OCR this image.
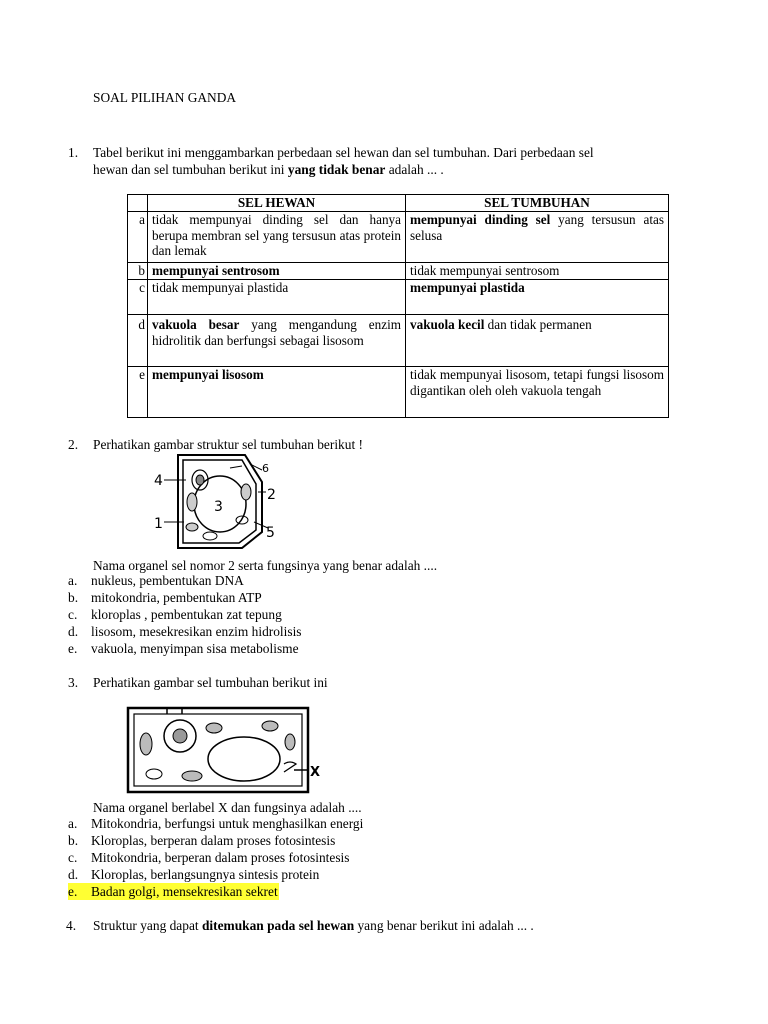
SOAL PILIHAN GANDA
1. Tabel berikut ini menggambarkan perbedaan sel hewan dan sel tumbuhan. Dari perbedaan sel
hewan dan sel tumbuhan berikut ini yang tidak benar adalah ... .
	SEL HEWAN	SEL TUMBUHAN
a	tidak mempunyai dinding sel dan hanya berupa membran sel yang tersusun atas protein dan lemak	mempunyai dinding sel yang tersusun atas selusa
b	mempunyai sentrosom	tidak mempunyai sentrosom
c	tidak mempunyai plastida	mempunyai plastida
d	vakuola besar yang mengandung enzim hidrolitik dan berfungsi sebagai lisosom	vakuola kecil dan tidak permanen
e	mempunyai lisosom	tidak mempunyai lisosom, tetapi fungsi lisosom digantikan oleh oleh vakuola tengah
2. Perhatikan gambar struktur sel tumbuhan berikut !
6
4
2
3
1
5
Nama organel sel nomor 2 serta fungsinya yang benar adalah ....
a. nukleus, pembentukan DNA
b. mitokondria, pembentukan ATP
c. kloroplas , pembentukan zat tepung
d. lisosom, mesekresikan enzim hidrolisis
e. vakuola, menyimpan sisa metabolisme
3. Perhatikan gambar sel tumbuhan berikut ini
X
Nama organel berlabel X dan fungsinya adalah ....
a. Mitokondria, berfungsi untuk menghasilkan energi
b. Kloroplas, berperan dalam proses fotosintesis
c. Mitokondria, berperan dalam proses fotosintesis
d. Kloroplas, berlangsungnya sintesis protein
e. Badan golgi, mensekresikan sekret
4. Struktur yang dapat ditemukan pada sel hewan yang benar berikut ini adalah ... .
